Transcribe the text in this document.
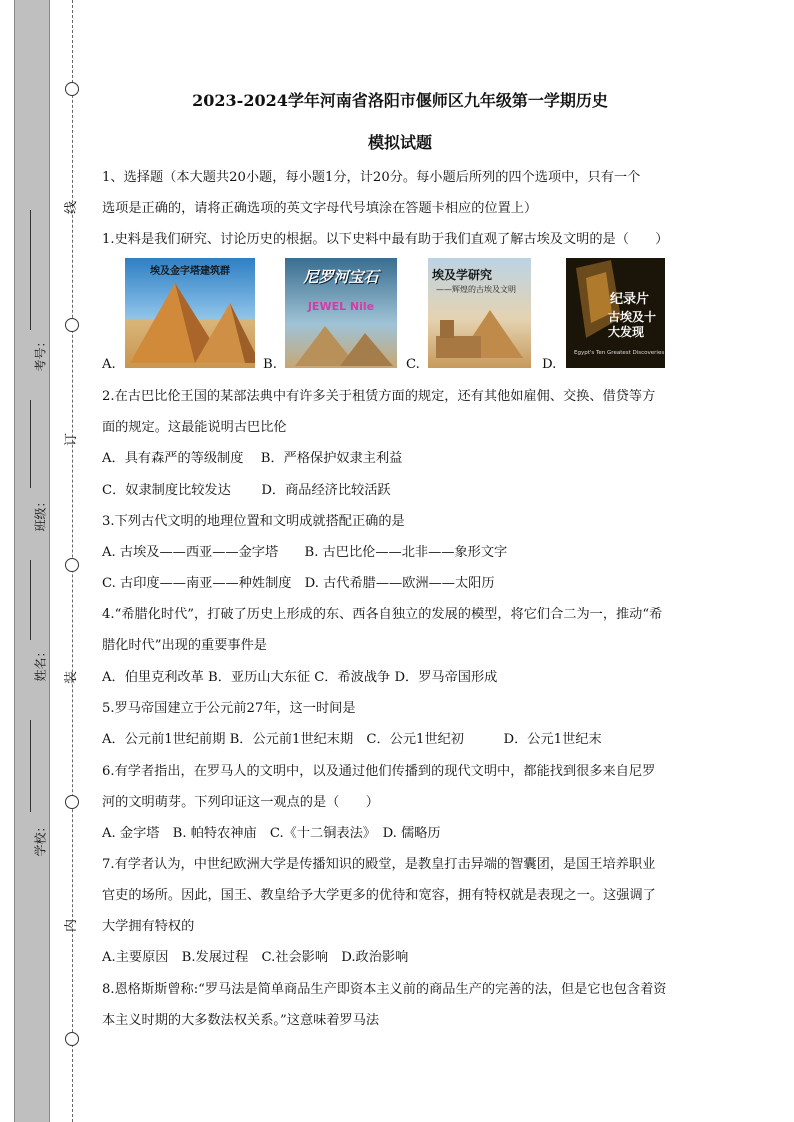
线
订
装
内
考号：
班级：
姓名：
学校：
2023-2024学年河南省洛阳市偃师区九年级第一学期历史
模拟试题
1、选择题（本大题共20小题，每小题1分，计20分。每小题后所列的四个选项中，只有一个
选项是正确的，请将正确选项的英文字母代号填涂在答题卡相应的位置上）
1.史料是我们研究、讨论历史的根据。以下史料中最有助于我们直观了解古埃及文明的是（　　）
A.
埃及金字塔建筑群
B.
尼罗河宝石
JEWEL Nile
C.
埃及学研究
——辉煌的古埃及文明
D.
纪录片
古埃及十大发现
Egypt's Ten Greatest Discoveries
2.在古巴比伦王国的某部法典中有许多关于租赁方面的规定，还有其他如雇佣、交换、借贷等方
面的规定。这最能说明古巴比伦
A．具有森严的等级制度　 B．严格保护奴隶主利益
C．奴隶制度比较发达　 　D．商品经济比较活跃
3.下列古代文明的地理位置和文明成就搭配正确的是
A. 古埃及——西亚——金字塔　　B. 古巴比伦——北非——象形文字
C. 古印度——南亚——种姓制度　D. 古代希腊——欧洲——太阳历
4.“希腊化时代”，打破了历史上形成的东、西各自独立的发展的模型，将它们合二为一，推动“希
腊化时代”出现的重要事件是
A．伯里克利改革 B．亚历山大东征 C．希波战争 D．罗马帝国形成
5.罗马帝国建立于公元前27年，这一时间是
A．公元前1世纪前期 B．公元前1世纪末期　C．公元1世纪初　　　D．公元1世纪末
6.有学者指出，在罗马人的文明中，以及通过他们传播到的现代文明中，都能找到很多来自尼罗
河的文明萌芽。下列印证这一观点的是（　　）
A. 金字塔　B. 帕特农神庙　C.《十二铜表法》　D. 儒略历
7.有学者认为，中世纪欧洲大学是传播知识的殿堂，是教皇打击异端的智囊团，是国王培养职业
官吏的场所。因此，国王、教皇给予大学更多的优待和宽容，拥有特权就是表现之一。这强调了
大学拥有特权的
A.主要原因　B.发展过程　C.社会影响　D.政治影响
8.恩格斯斯曾称:“罗马法是简单商品生产即资本主义前的商品生产的完善的法，但是它也包含着资
本主义时期的大多数法权关系。”这意味着罗马法
